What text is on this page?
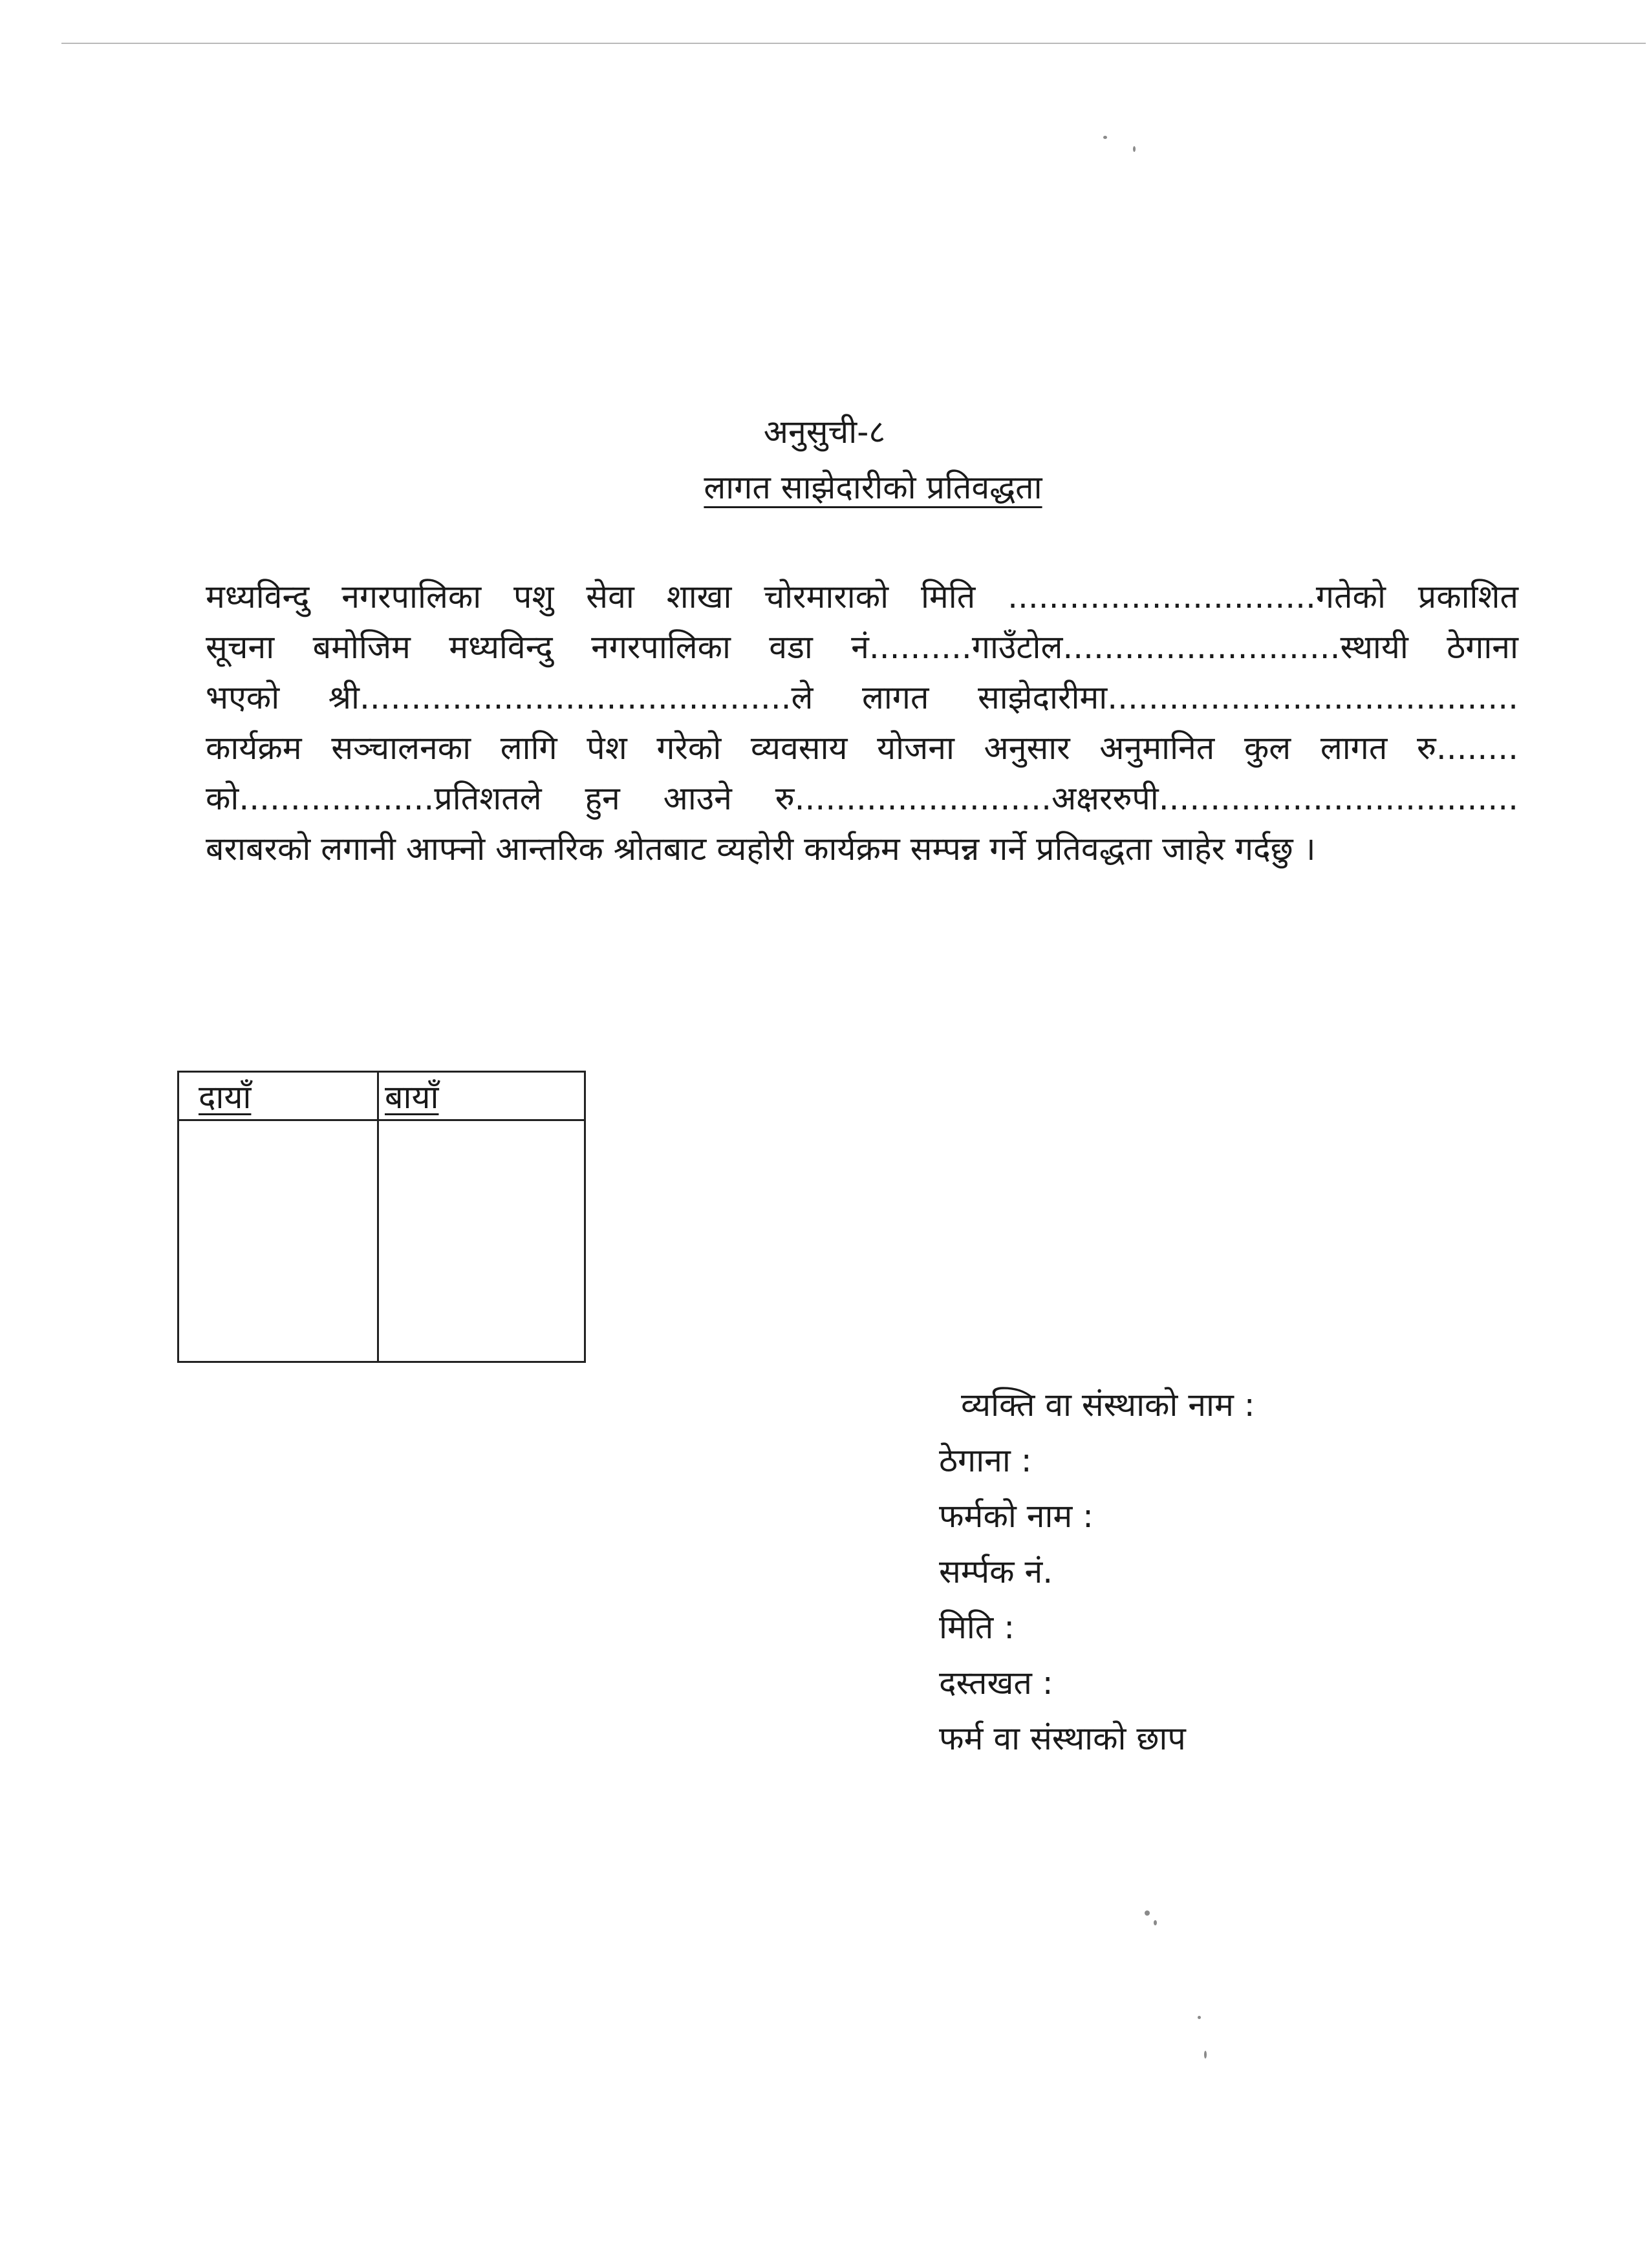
अनुसुची-८
लागत साझेदारीको प्रतिवद्धता
मध्यविन्दु नगरपालिका पशु सेवा शाखा चोरमाराको मिति ..............................गतेको प्रकाशित
सूचना बमोजिम मध्यविन्दु नगरपालिका वडा नं..........गाउँटोल...........................स्थायी ठेगाना
भएको श्री..........................................ले लागत साझेदारीमा........................................
कार्यक्रम सञ्चालनका लागि पेश गरेको व्यवसाय योजना अनुसार अनुमानित कुल लागत रु........
को...................प्रतिशतले हुन आउने रु.........................अक्षररुपी...................................
बराबरको लगानी आफ्नो आन्तरिक श्रोतबाट व्यहोरी कार्यक्रम सम्पन्न गर्ने प्रतिवद्धता जाहेर गर्दछु ।
दायाँ	बायाँ
व्यक्ति वा संस्थाको नाम :
ठेगाना :
फर्मको नाम :
सर्म्पक नं.
मिति :
दस्तखत :
फर्म वा संस्थाको छाप
